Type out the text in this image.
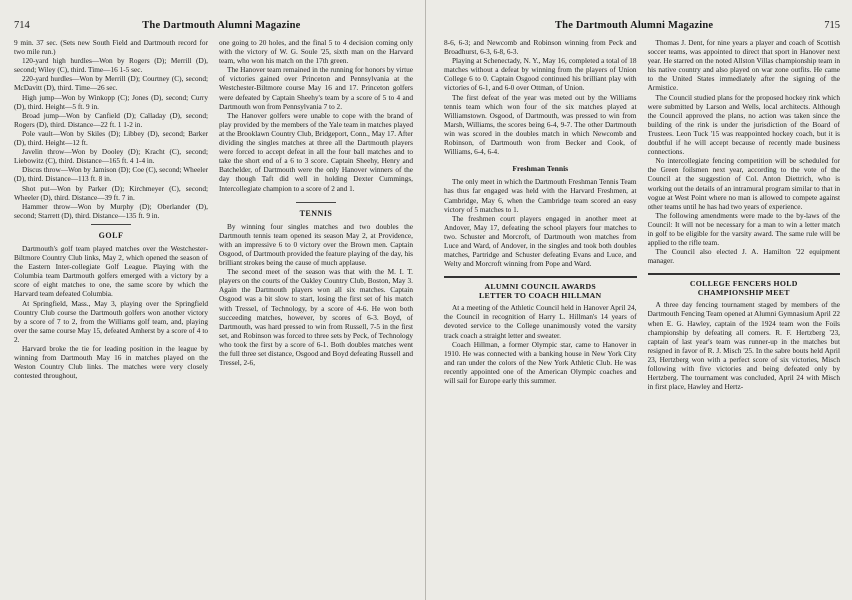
714	The Dartmouth Alumni Magazine

9 min. 37 sec. (Sets new South Field and Dartmouth record for two mile run.)

120-yard high hurdles—Won by Rogers (D); Merrill (D), second; Wiley (C), third. Time—16 1-5 sec.

220-yard hurdles—Won by Merrill (D); Courtney (C), second; McDavitt (D), third. Time—26 sec.

High jump—Won by Winkopp (C); Jones (D), second; Curry (D), third. Height—5 ft. 9 in.

Broad jump—Won by Canfield (D); Calladay (D), second; Rogers (D), third. Distance—22 ft. 1 1-2 in.

Pole vault—Won by Skiles (D); Libbey (D), second; Barker (D), third. Height—12 ft.

Javelin throw—Won by Dooley (D); Kracht (C), second; Liebowitz (C), third. Distance—165 ft. 4 1-4 in.

Discus throw—Won by Jamison (D); Coe (C), second; Wheeler (D), third. Distance—113 ft. 8 in.

Shot put—Won by Parker (D); Kirchmeyer (C), second; Wheeler (D), third. Distance—39 ft. 7 in.

Hammer throw—Won by Murphy (D); Oberlander (D), second; Starrett (D), third. Distance—135 ft. 9 in.

GOLF

Dartmouth's golf team played matches over the Westchester-Biltmore Country Club links, May 2, which opened the season of the Eastern Inter-collegiate Golf League. Playing with the Columbia team Dartmouth golfers emerged with a victory by a score of eight matches to one, the same score by which the Harvard team defeated Columbia.

At Springfield, Mass., May 3, playing over the Springfield Country Club course the Dartmouth golfers won another victory by a score of 7 to 2, from the Williams golf team, and, playing over the same course May 15, defeated Amherst by a score of 4 to 2.

Harvard broke the tie for leading position in the league by winning from Dartmouth May 16 in matches played on the Weston Country Club links. The matches were very closely contested throughout,

one going to 20 holes, and the final 5 to 4 decision coming only with the victory of W. G. Soule '25, sixth man on the Harvard team, who won his match on the 17th green.

The Hanover team remained in the running for honors by virtue of victories gained over Princeton and Pennsylvania at the Westchester-Biltmore course May 16 and 17. Princeton golfers were defeated by Captain Sheehy's team by a score of 5 to 4 and Dartmouth won from Pennsylvania 7 to 2.

The Hanover golfers were unable to cope with the brand of play provided by the members of the Yale team in matches played at the Brooklawn Country Club, Bridgeport, Conn., May 17. After dividing the singles matches at three all the Dartmouth players were forced to accept defeat in all the four ball matches and to take the short end of a 6 to 3 score. Captain Sheehy, Henry and Batchelder, of Dartmouth were the only Hanover winners of the day though Taft did well in holding Dexter Cummings, Intercollegiate champion to a score of 2 and 1.

TENNIS

By winning four singles matches and two doubles the Dartmouth tennis team opened its season May 2, at Providence, with an impressive 6 to 0 victory over the Brown men. Captain Osgood, of Dartmouth provided the feature playing of the day, his brilliant strokes being the cause of much applause.

The second meet of the season was that with the M. I. T. players on the courts of the Oakley Country Club, Boston, May 3. Again the Dartmouth players won all six matches. Captain Osgood was a bit slow to start, losing the first set of his match with Tressel, of Technology, by a score of 4-6. He won both succeeding matches, however, by scores of 6-3. Boyd, of Dartmouth, was hard pressed to win from Russell, 7-5 in the first set, and Robinson was forced to three sets by Peck, of Technology who took the first by a score of 6-1. Both doubles matches went the full three set distance, Osgood and Boyd defeating Russell and Tressel, 2-6,

The Dartmouth Alumni Magazine	715

8-6, 6-3; and Newcomb and Robinson winning from Peck and Broadhurst, 6-3, 6-8, 6-3.

Playing at Schenectady, N. Y., May 16, completed a total of 18 matches without a defeat by winning from the players of Union College 6 to 0. Captain Osgood continued his brilliant play with victories of 6-1, and 6-0 over Ottman, of Union.

The first defeat of the year was meted out by the Williams tennis team which won four of the six matches played at Williamstown. Osgood, of Dartmouth, was pressed to win from Marsh, Williams, the scores being 6-4, 9-7. The other Dartmouth win was scored in the doubles match in which Newcomb and Robinson, of Dartmouth won from Becker and Cook, of Williams, 6-4, 6-4.

Freshman Tennis

The only meet in which the Dartmouth Freshman Tennis Team has thus far engaged was held with the Harvard Freshmen, at Cambridge, May 6, when the Cambridge team scored an easy victory of 5 matches to 1.

The freshmen court players engaged in another meet at Andover, May 17, defeating the school players four matches to two. Schuster and Morcroft, of Dartmouth won matches from Luce and Ward, of Andover, in the singles and took both doubles matches, Partridge and Schuster defeating Evans and Luce, and Welty and Morcroft winning from Pope and Ward.

ALUMNI COUNCIL AWARDS
LETTER TO COACH HILLMAN

At a meeting of the Athletic Council held in Hanover April 24, the Council in recognition of Harry L. Hillman's 14 years of devoted service to the College unanimously voted the varsity track coach a straight letter and sweater.

Coach Hillman, a former Olympic star, came to Hanover in 1910. He was connected with a banking house in New York City and ran under the colors of the New York Athletic Club. He was recently appointed one of the American Olympic coaches and will sail for Europe early this summer.

Thomas J. Dent, for nine years a player and coach of Scottish soccer teams, was appointed to direct that sport in Hanover next year. He starred on the noted Allston Villas championship team in his native country and also played on war zone outfits. He came to the United States immediately after the signing of the Armistice.

The Council studied plans for the proposed hockey rink which were submitted by Larson and Wells, local architects. Although the Council approved the plans, no action was taken since the building of the rink is under the jurisdiction of the Board of Trustees. Leon Tuck '15 was reappointed hockey coach, but it is doubtful if he will accept because of recently made business connections.

No intercollegiate fencing competition will be scheduled for the Green foilsmen next year, according to the vote of the Council at the suggestion of Col. Anton Diettrich, who is working out the details of an intramural program similar to that in vogue at West Point where no man is allowed to compete against other teams until he has had two years of experience.

The following amendments were made to the by-laws of the Council: It will not be necessary for a man to win a letter match in golf to be eligible for the varsity award. The same rule will be applied to the rifle team.

The Council also elected J. A. Hamilton '22 equipment manager.

COLLEGE FENCERS HOLD
CHAMPIONSHIP MEET

A three day fencing tournament staged by members of the Dartmouth Fencing Team opened at Alumni Gymnasium April 22 when E. G. Hawley, captain of the 1924 team won the Foils championship by defeating all comers. R. F. Hertzberg '23, captain of last year's team was runner-up in the matches but resigned in favor of R. J. Misch '25. In the sabre bouts held April 23, Hertzberg won with a perfect score of six victories, Misch following with five victories and being defeated only by Hertzberg. The tournament was concluded, April 24 with Misch in first place, Hawley and Hertz-
